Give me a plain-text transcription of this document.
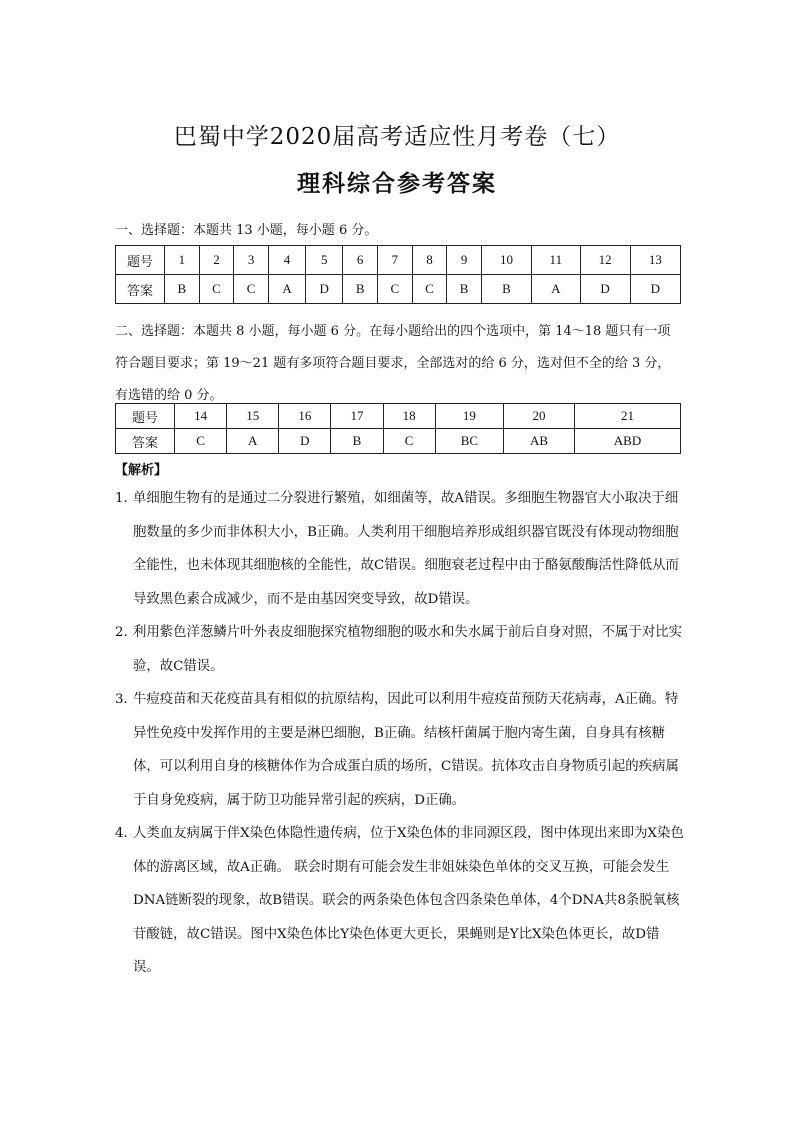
巴蜀中学2020届高考适应性月考卷（七）
理科综合参考答案
一、选择题：本题共 13 小题，每小题 6 分。
题号	1	2	3	4	5	6	7	8	9	10	11	12	13
答案	B	C	C	A	D	B	C	C	B	B	A	D	D
二、选择题：本题共 8 小题，每小题 6 分。在每小题给出的四个选项中，第 14～18 题只有一项符合题目要求；第 19～21 题有多项符合题目要求，全部选对的给 6 分，选对但不全的给 3 分，有选错的给 0 分。
题号	14	15	16	17	18	19	20	21
答案	C	A	D	B	C	BC	AB	ABD
【解析】
1．

单细胞生物有的是通过二分裂进行繁殖，如细菌等，故A错误。多细胞生物器官大小取决于细胞数量的多少而非体积大小，B正确。人类利用干细胞培养形成组织器官既没有体现动物细胞全能性，也未体现其细胞核的全能性，故C错误。细胞衰老过程中由于酪氨酸酶活性降低从而导致黑色素合成减少，而不是由基因突变导致，故D错误。

2．

利用紫色洋葱鳞片叶外表皮细胞探究植物细胞的吸水和失水属于前后自身对照，不属于对比实验，故C错误。

3．

牛痘疫苗和天花疫苗具有相似的抗原结构，因此可以利用牛痘疫苗预防天花病毒，A正确。特异性免疫中发挥作用的主要是淋巴细胞，B正确。结核杆菌属于胞内寄生菌，自身具有核糖体，可以利用自身的核糖体作为合成蛋白质的场所，C错误。抗体攻击自身物质引起的疾病属于自身免疫病，属于防卫功能异常引起的疾病，D正确。

4．

人类血友病属于伴X染色体隐性遗传病，位于X染色体的非同源区段，图中体现出来即为X染色体的游离区域，故A正确。 联会时期有可能会发生非姐妹染色单体的交叉互换，可能会发生DNA链断裂的现象，故B错误。联会的两条染色体包含四条染色单体，4个DNA共8条脱氧核苷酸链，故C错误。图中X染色体比Y染色体更大更长，果蝇则是Y比X染色体更长，故D错误。
